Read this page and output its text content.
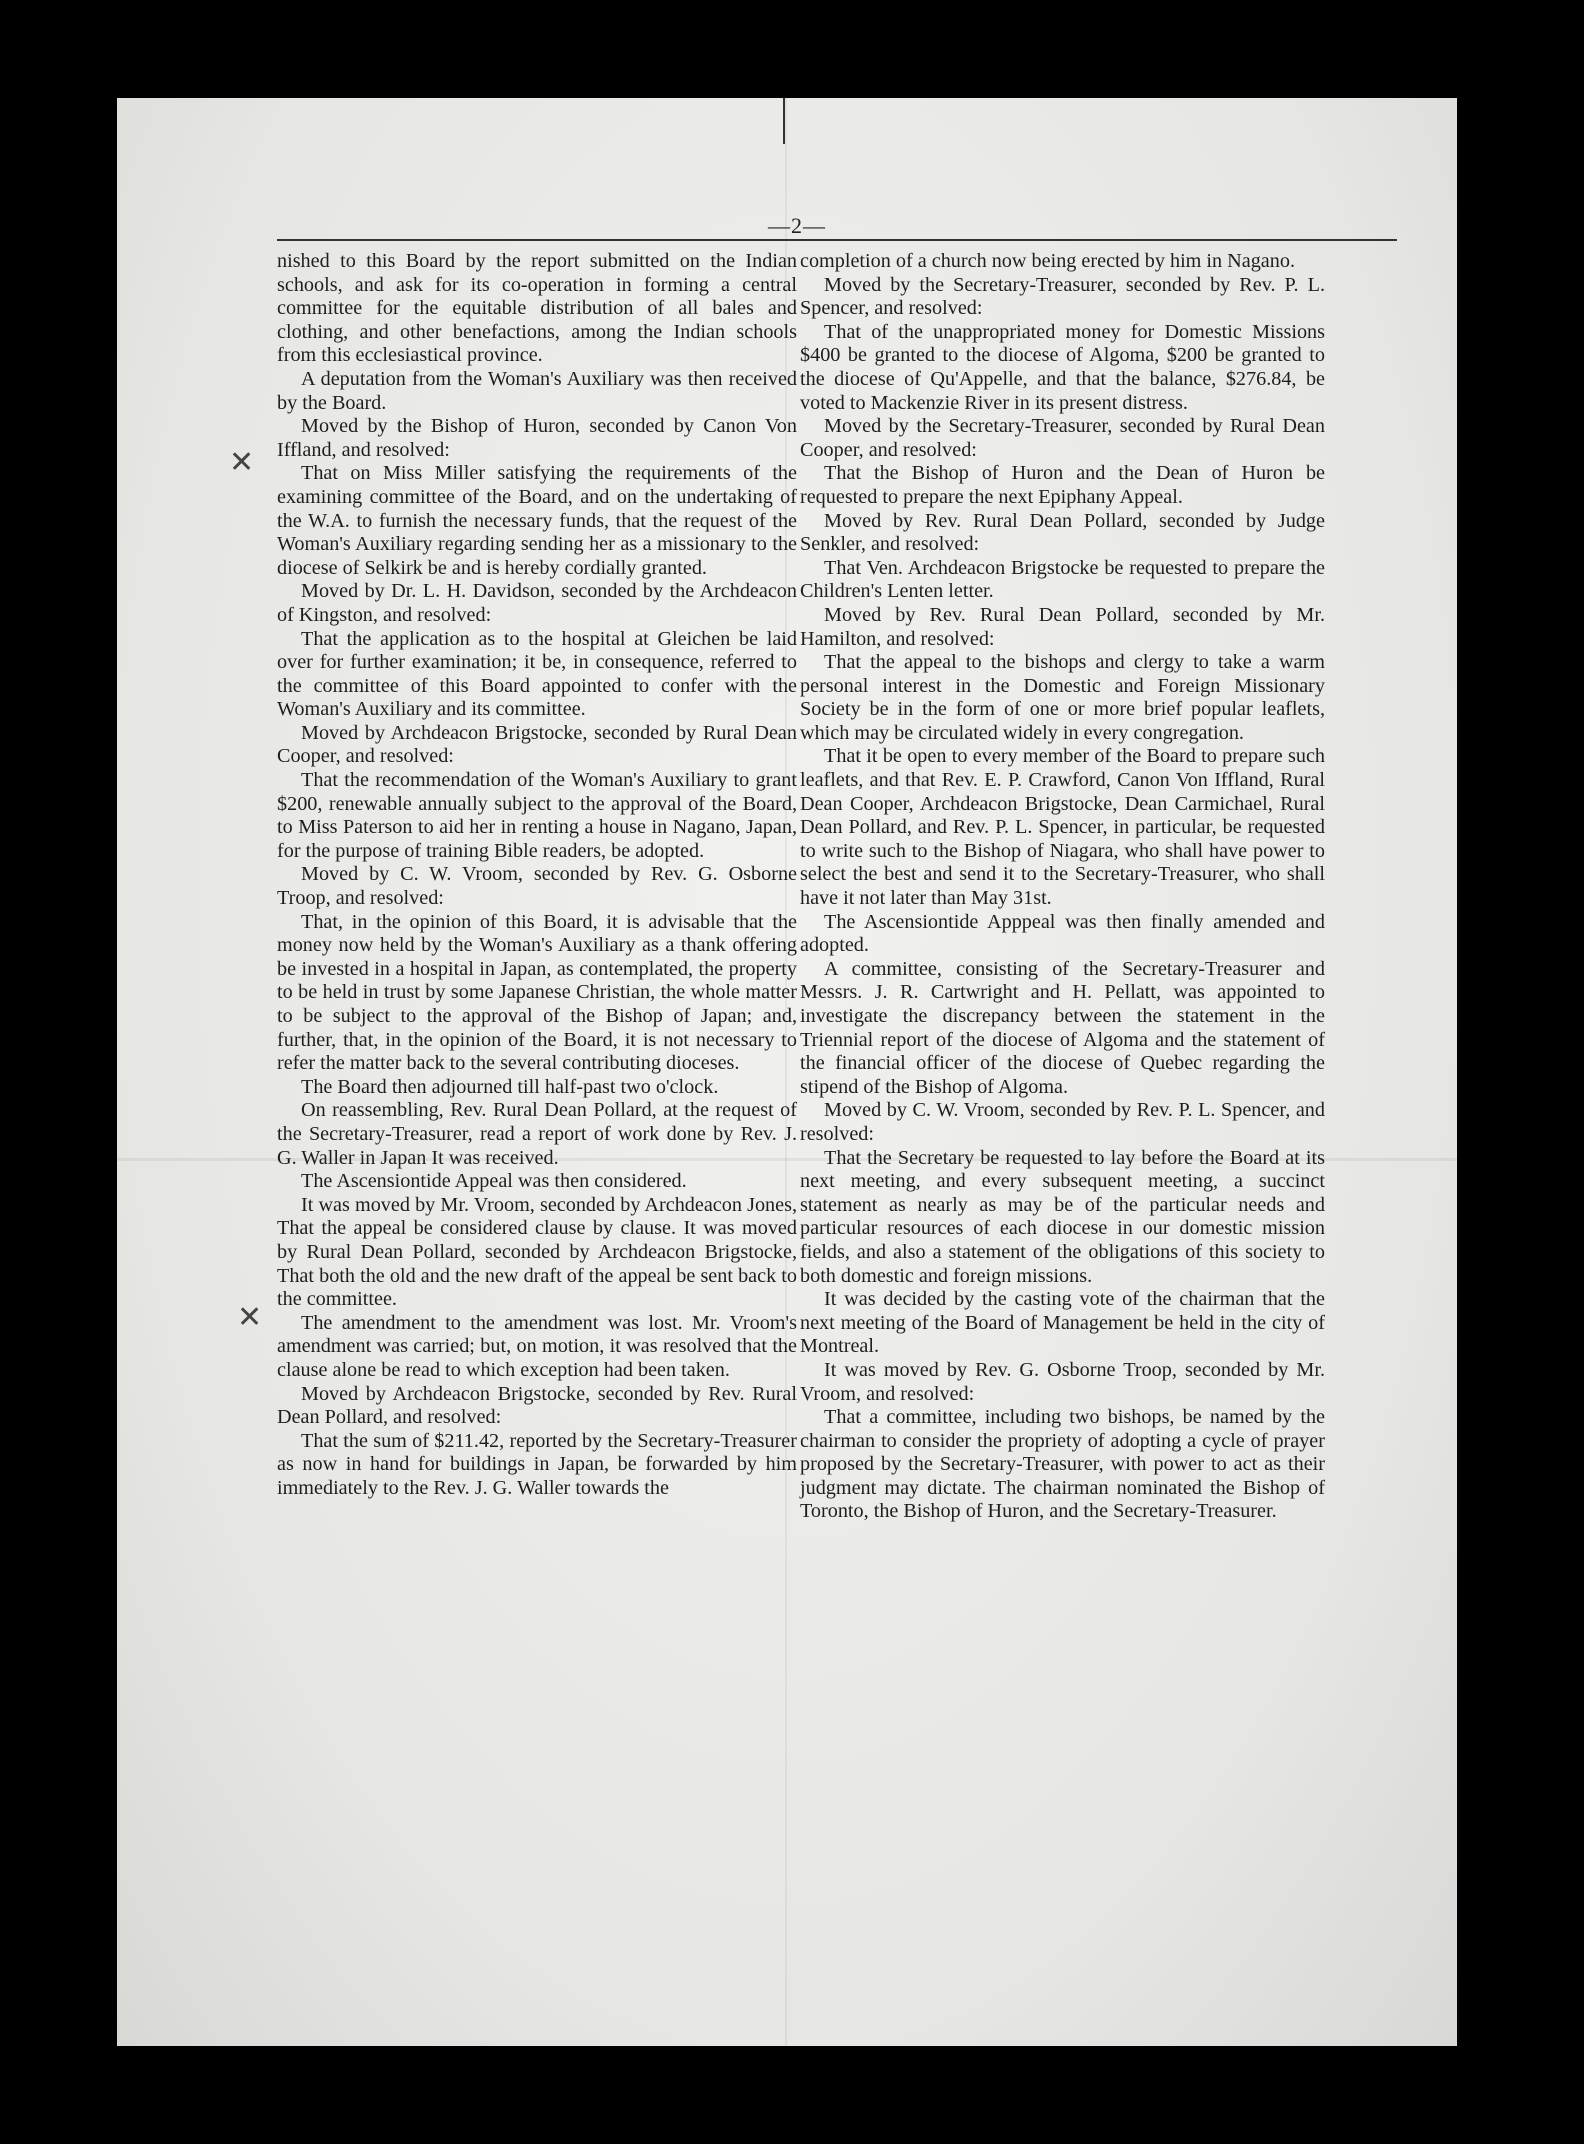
—2—
✕
✕

nished to this Board by the report submitted on the Indian schools, and ask for its co-operation in forming a central committee for the equitable distribution of all bales and clothing, and other benefactions, among the Indian schools from this ecclesiastical province.

A deputation from the Woman's Auxiliary was then received by the Board.

Moved by the Bishop of Huron, seconded by Canon Von Iffland, and resolved:

That on Miss Miller satisfying the requirements of the examining committee of the Board, and on the undertaking of the W.A. to furnish the necessary funds, that the request of the Woman's Auxiliary regarding sending her as a missionary to the diocese of Selkirk be and is hereby cordially granted.

Moved by Dr. L. H. Davidson, seconded by the Archdeacon of Kingston, and resolved:

That the application as to the hospital at Gleichen be laid over for further examination; it be, in consequence, referred to the committee of this Board appointed to confer with the Woman's Auxiliary and its committee.

Moved by Archdeacon Brigstocke, seconded by Rural Dean Cooper, and resolved:

That the recommendation of the Woman's Auxiliary to grant $200, renewable annually subject to the approval of the Board, to Miss Paterson to aid her in renting a house in Nagano, Japan, for the purpose of training Bible readers, be adopted.

Moved by C. W. Vroom, seconded by Rev. G. Osborne Troop, and resolved:

That, in the opinion of this Board, it is advisable that the money now held by the Woman's Auxiliary as a thank offering be invested in a hospital in Japan, as contemplated, the property to be held in trust by some Japanese Christian, the whole matter to be subject to the approval of the Bishop of Japan; and, further, that, in the opinion of the Board, it is not necessary to refer the matter back to the several contributing dioceses.

The Board then adjourned till half-past two o'clock.

On reassembling, Rev. Rural Dean Pollard, at the request of the Secretary-Treasurer, read a report of work done by Rev. J. G. Waller in Japan It was received.

The Ascensiontide Appeal was then considered.

It was moved by Mr. Vroom, seconded by Archdeacon Jones, That the appeal be considered clause by clause. It was moved by Rural Dean Pollard, seconded by Archdeacon Brigstocke, That both the old and the new draft of the appeal be sent back to the committee.

The amendment to the amendment was lost. Mr. Vroom's amendment was carried; but, on motion, it was resolved that the clause alone be read to which exception had been taken.

Moved by Archdeacon Brigstocke, seconded by Rev. Rural Dean Pollard, and resolved:

That the sum of $211.42, reported by the Secretary-Treasurer as now in hand for buildings in Japan, be forwarded by him immediately to the Rev. J. G. Waller towards the

completion of a church now being erected by him in Nagano.

Moved by the Secretary-Treasurer, seconded by Rev. P. L. Spencer, and resolved:

That of the unappropriated money for Domestic Missions $400 be granted to the diocese of Algoma, $200 be granted to the diocese of Qu'Appelle, and that the balance, $276.84, be voted to Mackenzie River in its present distress.

Moved by the Secretary-Treasurer, seconded by Rural Dean Cooper, and resolved:

That the Bishop of Huron and the Dean of Huron be requested to prepare the next Epiphany Appeal.

Moved by Rev. Rural Dean Pollard, seconded by Judge Senkler, and resolved:

That Ven. Archdeacon Brigstocke be requested to prepare the Children's Lenten letter.

Moved by Rev. Rural Dean Pollard, seconded by Mr. Hamilton, and resolved:

That the appeal to the bishops and clergy to take a warm personal interest in the Domestic and Foreign Missionary Society be in the form of one or more brief popular leaflets, which may be circulated widely in every congregation.

That it be open to every member of the Board to prepare such leaflets, and that Rev. E. P. Crawford, Canon Von Iffland, Rural Dean Cooper, Archdeacon Brigstocke, Dean Carmichael, Rural Dean Pollard, and Rev. P. L. Spencer, in particular, be requested to write such to the Bishop of Niagara, who shall have power to select the best and send it to the Secretary-Treasurer, who shall have it not later than May 31st.

The Ascensiontide Apppeal was then finally amended and adopted.

A committee, consisting of the Secretary-Treasurer and Messrs. J. R. Cartwright and H. Pellatt, was appointed to investigate the discrepancy between the statement in the Triennial report of the diocese of Algoma and the statement of the financial officer of the diocese of Quebec regarding the stipend of the Bishop of Algoma.

Moved by C. W. Vroom, seconded by Rev. P. L. Spencer, and resolved:

That the Secretary be requested to lay before the Board at its next meeting, and every subsequent meeting, a succinct statement as nearly as may be of the particular needs and particular resources of each diocese in our domestic mission fields, and also a statement of the obligations of this society to both domestic and foreign missions.

It was decided by the casting vote of the chairman that the next meeting of the Board of Management be held in the city of Montreal.

It was moved by Rev. G. Osborne Troop, seconded by Mr. Vroom, and resolved:

That a committee, including two bishops, be named by the chairman to consider the propriety of adopting a cycle of prayer proposed by the Secretary-Treasurer, with power to act as their judgment may dictate. The chairman nominated the Bishop of Toronto, the Bishop of Huron, and the Secretary-Treasurer.
